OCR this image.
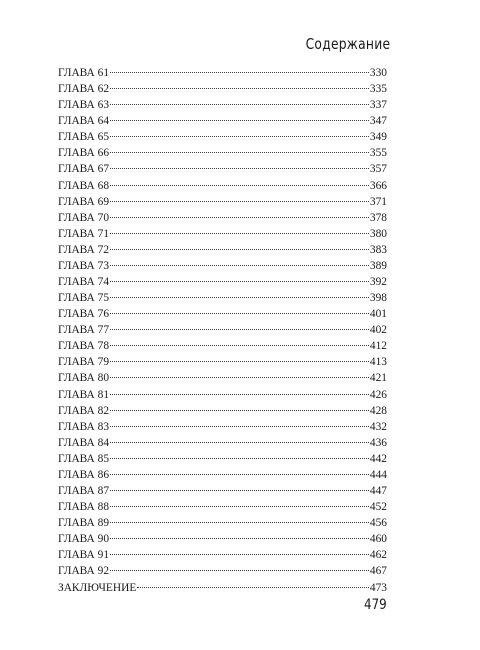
Содержание
ГЛАВА 61	330
ГЛАВА 62	335
ГЛАВА 63	337
ГЛАВА 64	347
ГЛАВА 65	349
ГЛАВА 66	355
ГЛАВА 67	357
ГЛАВА 68	366
ГЛАВА 69	371
ГЛАВА 70	378
ГЛАВА 71	380
ГЛАВА 72	383
ГЛАВА 73	389
ГЛАВА 74	392
ГЛАВА 75	398
ГЛАВА 76	401
ГЛАВА 77	402
ГЛАВА 78	412
ГЛАВА 79	413
ГЛАВА 80	421
ГЛАВА 81	426
ГЛАВА 82	428
ГЛАВА 83	432
ГЛАВА 84	436
ГЛАВА 85	442
ГЛАВА 86	444
ГЛАВА 87	447
ГЛАВА 88	452
ГЛАВА 89	456
ГЛАВА 90	460
ГЛАВА 91	462
ГЛАВА 92	467
ЗАКЛЮЧЕНИЕ	473
479
